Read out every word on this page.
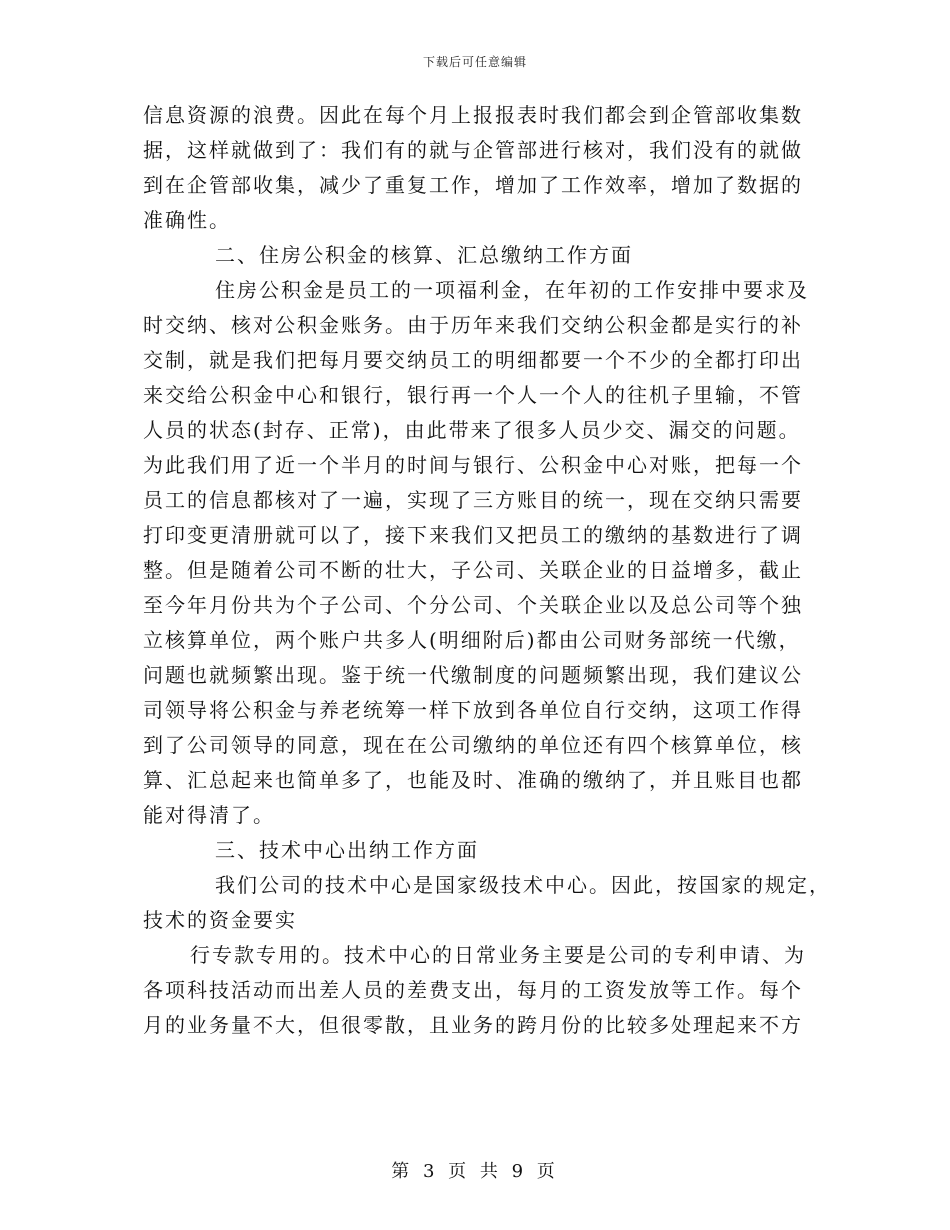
下载后可任意编辑
信息资源的浪费。因此在每个月上报报表时我们都会到企管部收集数
据，这样就做到了：我们有的就与企管部进行核对，我们没有的就做
到在企管部收集，减少了重复工作，增加了工作效率，增加了数据的
准确性。
二、住房公积金的核算、汇总缴纳工作方面
住房公积金是员工的一项福利金，在年初的工作安排中要求及
时交纳、核对公积金账务。由于历年来我们交纳公积金都是实行的补
交制，就是我们把每月要交纳员工的明细都要一个不少的全都打印出
来交给公积金中心和银行，银行再一个人一个人的往机子里输，不管
人员的状态(封存、正常)，由此带来了很多人员少交、漏交的问题。
为此我们用了近一个半月的时间与银行、公积金中心对账，把每一个
员工的信息都核对了一遍，实现了三方账目的统一，现在交纳只需要
打印变更清册就可以了，接下来我们又把员工的缴纳的基数进行了调
整。但是随着公司不断的壮大，子公司、关联企业的日益增多，截止
至今年月份共为个子公司、个分公司、个关联企业以及总公司等个独
立核算单位，两个账户共多人(明细附后)都由公司财务部统一代缴，
问题也就频繁出现。鉴于统一代缴制度的问题频繁出现，我们建议公
司领导将公积金与养老统筹一样下放到各单位自行交纳，这项工作得
到了公司领导的同意，现在在公司缴纳的单位还有四个核算单位，核
算、汇总起来也简单多了，也能及时、准确的缴纳了，并且账目也都
能对得清了。
三、技术中心出纳工作方面
我们公司的技术中心是国家级技术中心。因此，按国家的规定，
技术的资金要实
行专款专用的。技术中心的日常业务主要是公司的专利申请、为
各项科技活动而出差人员的差费支出，每月的工资发放等工作。每个
月的业务量不大，但很零散，且业务的跨月份的比较多处理起来不方
第 3 页 共 9 页
